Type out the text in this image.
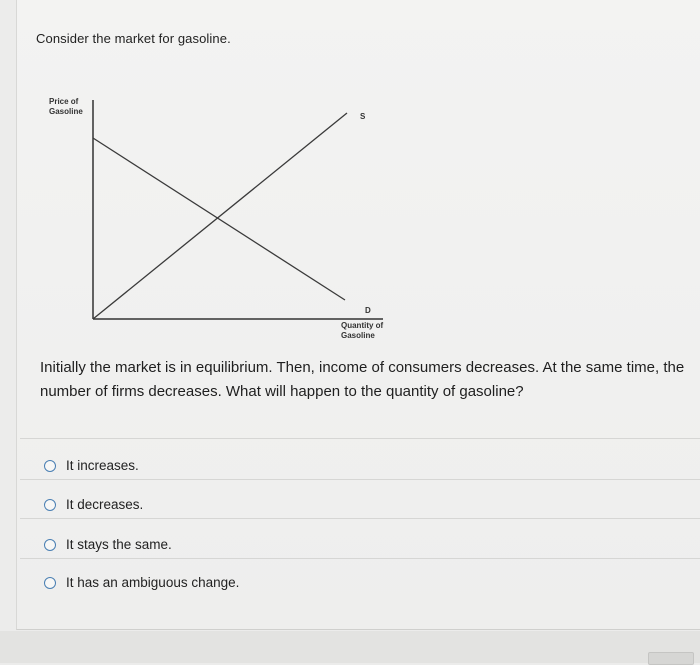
Consider the market for gasoline.
Price of
Gasoline
S
D
Quantity of
Gasoline
Initially the market is in equilibrium. Then, income of consumers decreases. At the same time, the number of firms decreases. What will happen to the quantity of gasoline?
It increases.
It decreases.
It stays the same.
It has an ambiguous change.
